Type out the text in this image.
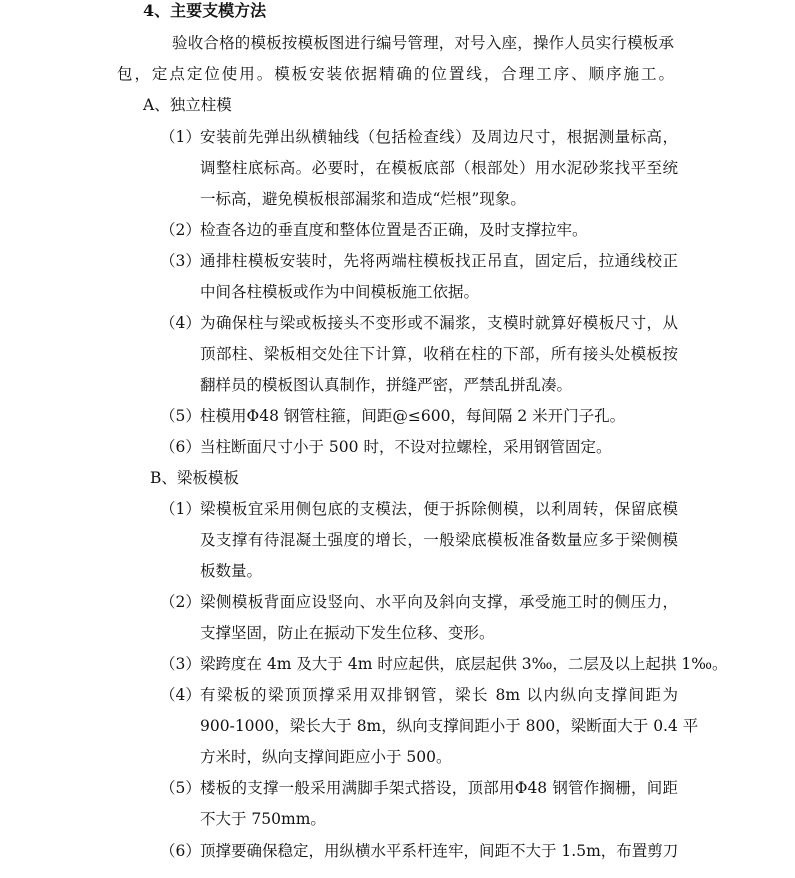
4、主要支模方法
验收合格的模板按模板图进行编号管理，对号入座，操作人员实行模板承
包，定点定位使用。模板安装依据精确的位置线，合理工序、顺序施工。
A、独立柱模
（1） 安装前先弹出纵横轴线（包括检查线）及周边尺寸，根据测量标高，
调整柱底标高。必要时，在模板底部（根部处）用水泥砂浆找平至统
一标高，避免模板根部漏浆和造成“烂根”现象。
（2） 检查各边的垂直度和整体位置是否正确，及时支撑拉牢。
（3） 通排柱模板安装时，先将两端柱模板找正吊直，固定后，拉通线校正
中间各柱模板或作为中间模板施工依据。
（4） 为确保柱与梁或板接头不变形或不漏浆，支模时就算好模板尺寸，从
顶部柱、梁板相交处往下计算，收稍在柱的下部，所有接头处模板按
翻样员的模板图认真制作，拼缝严密，严禁乱拼乱凑。
（5） 柱模用Φ48 钢管柱箍，间距@≤600，每间隔 2 米开门子孔。
（6） 当柱断面尺寸小于 500 时，不设对拉螺栓，采用钢管固定。
B、梁板模板
（1） 梁模板宜采用侧包底的支模法，便于拆除侧模，以利周转，保留底模
及支撑有待混凝土强度的增长，一般梁底模板准备数量应多于梁侧模
板数量。
（2） 梁侧模板背面应设竖向、水平向及斜向支撑，承受施工时的侧压力，
支撑坚固，防止在振动下发生位移、变形。
（3） 梁跨度在 4m 及大于 4m 时应起供，底层起供 3‰，二层及以上起拱 1‰。
（4） 有梁板的梁顶顶撑采用双排钢管，梁长 8m 以内纵向支撑间距为
900-1000，梁长大于 8m，纵向支撑间距小于 800，梁断面大于 0.4 平
方米时，纵向支撑间距应小于 500。
（5） 楼板的支撑一般采用满脚手架式搭设，顶部用Φ48 钢管作搁栅，间距
不大于 750mm。
（6） 顶撑要确保稳定，用纵横水平系杆连牢，间距不大于 1.5m，布置剪刀
